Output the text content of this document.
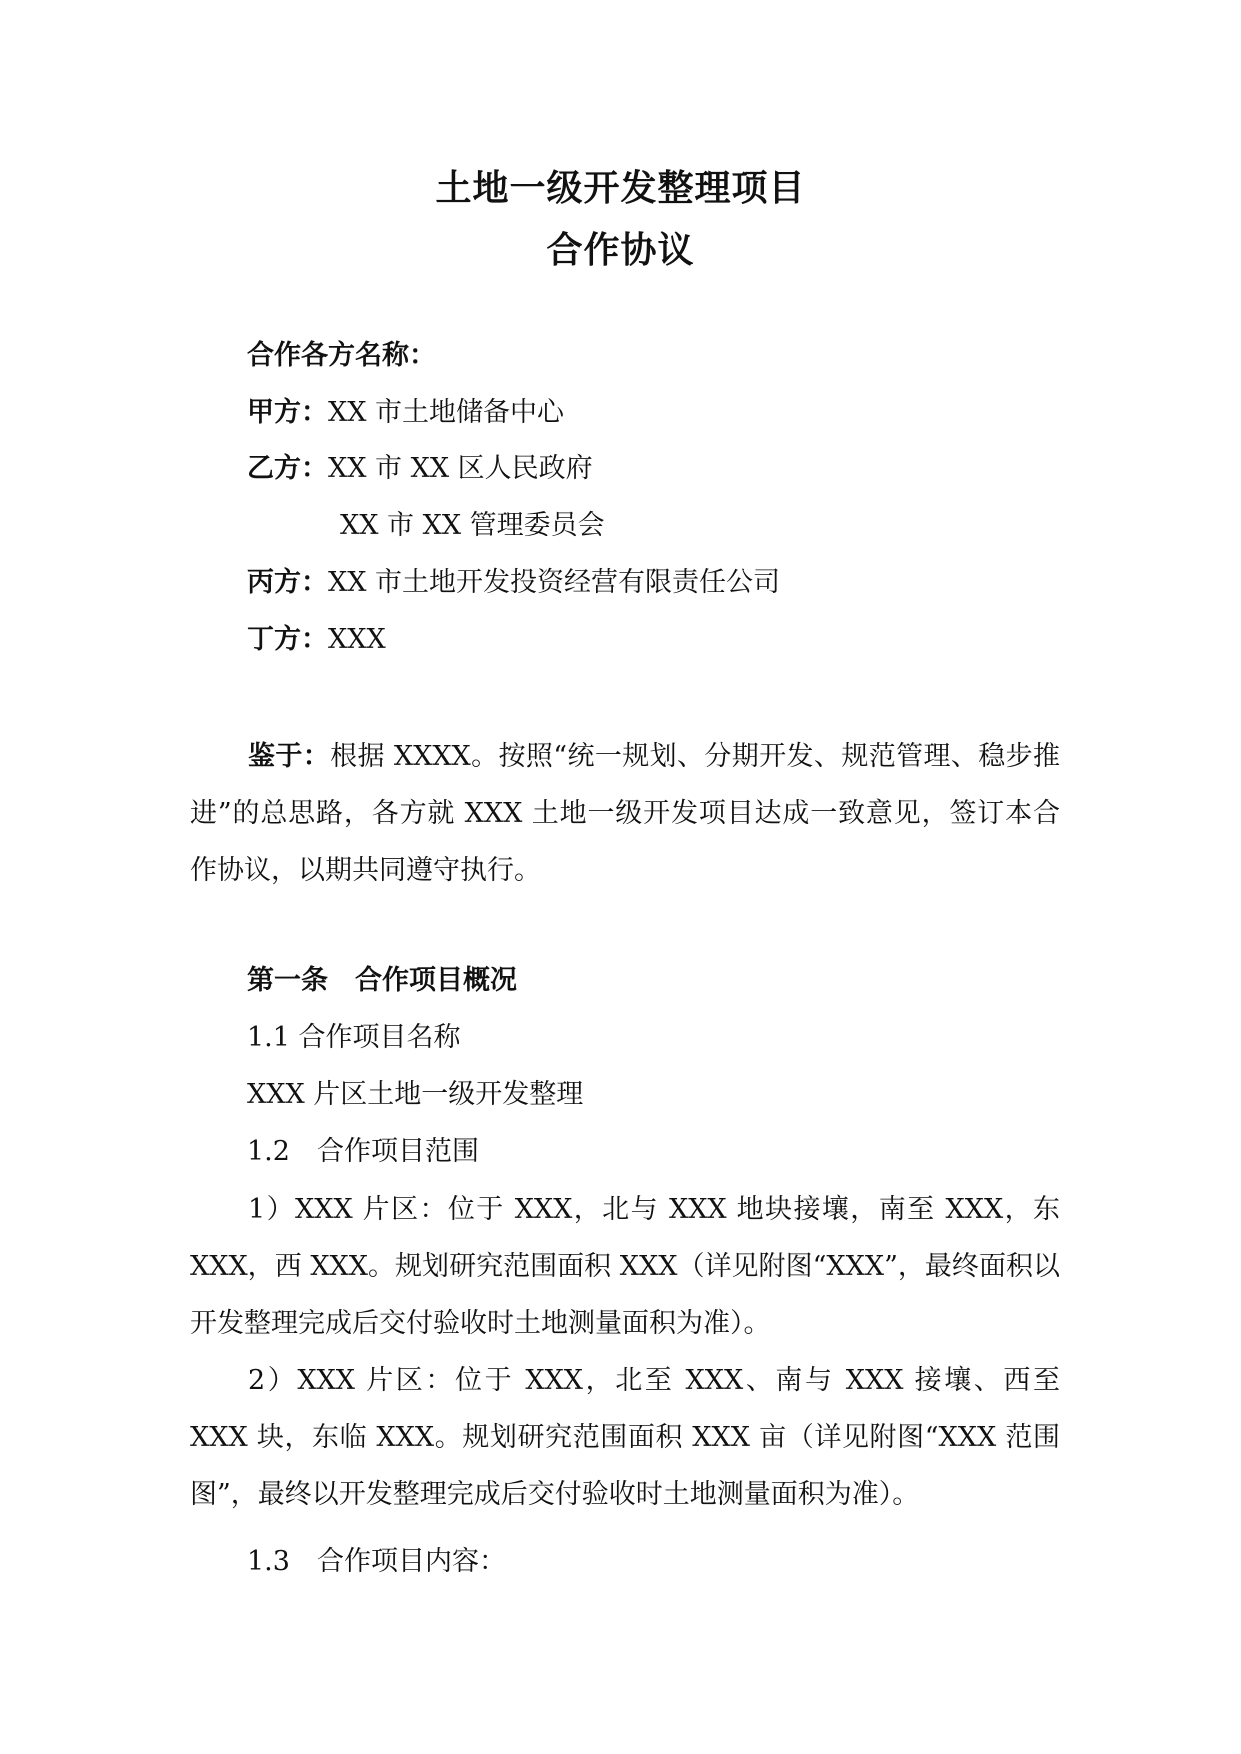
土地一级开发整理项目
合作协议
合作各方名称：
甲方：XX 市土地储备中心
乙方：XX 市 XX 区人民政府
XX 市 XX 管理委员会
丙方：XX 市土地开发投资经营有限责任公司
丁方：XXX
鉴于：根据 XXXX。按照“统一规划、分期开发、规范管理、稳步推进”的总思路，各方就 XXX 土地一级开发项目达成一致意见，签订本合作协议，以期共同遵守执行。
第一条　合作项目概况
1.1 合作项目名称
XXX 片区土地一级开发整理
1.2　合作项目范围
1）XXX 片区：位于 XXX，北与 XXX 地块接壤，南至 XXX，东 XXX，西 XXX。规划研究范围面积 XXX（详见附图“XXX”，最终面积以开发整理完成后交付验收时土地测量面积为准）。
2）XXX 片区：位于 XXX，北至 XXX、南与 XXX 接壤、西至 XXX 块，东临 XXX。规划研究范围面积 XXX 亩（详见附图“XXX 范围图”，最终以开发整理完成后交付验收时土地测量面积为准）。
1.3　合作项目内容：
